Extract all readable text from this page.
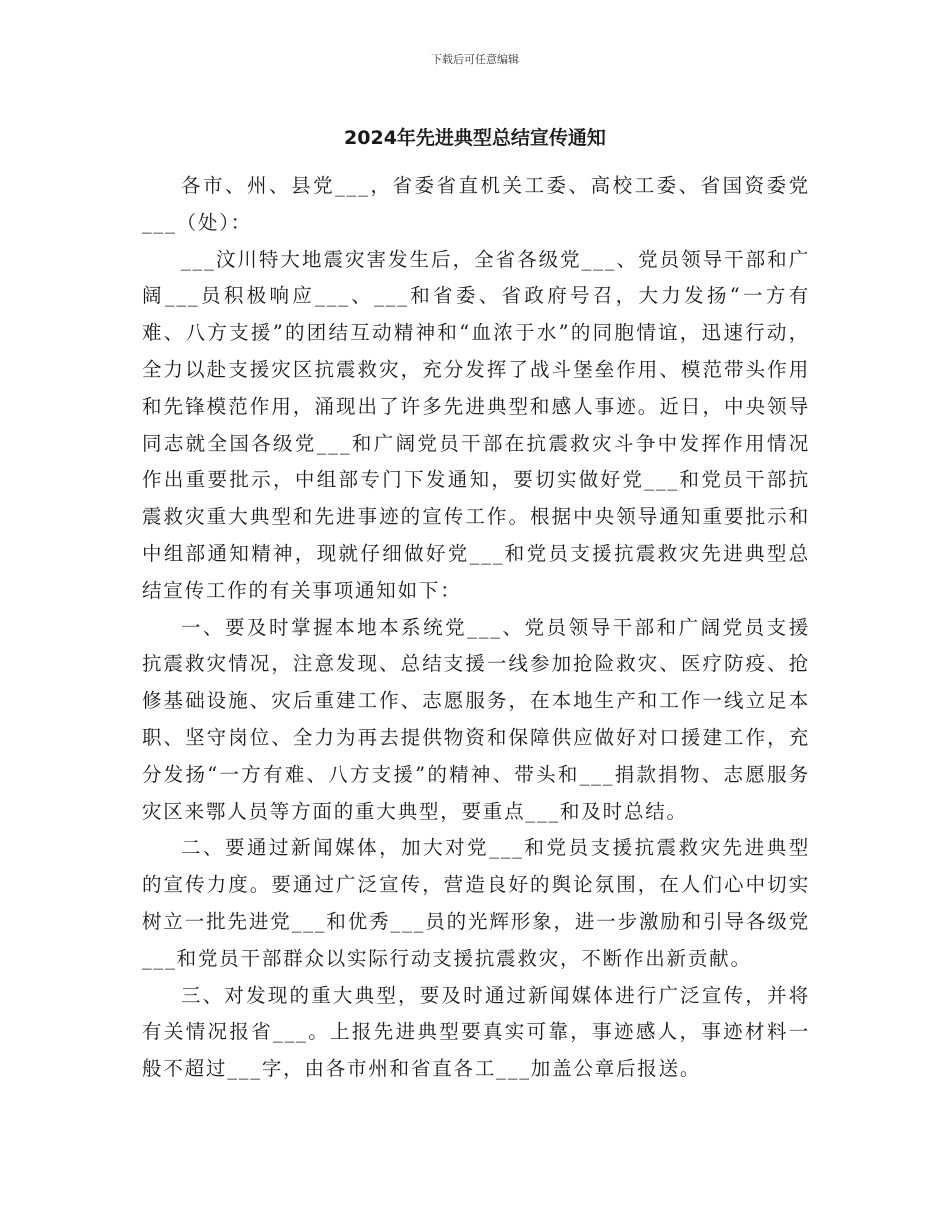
下载后可任意编辑
2024年先进典型总结宣传通知

各市、州、县党___，省委省直机关工委、高校工委、省国资委党___（处）：

___汶川特大地震灾害发生后，全省各级党___、党员领导干部和广阔___员积极响应___、___和省委、省政府号召，大力发扬“一方有难、八方支援”的团结互动精神和“血浓于水”的同胞情谊，迅速行动，全力以赴支援灾区抗震救灾，充分发挥了战斗堡垒作用、模范带头作用和先锋模范作用，涌现出了许多先进典型和感人事迹。近日，中央领导同志就全国各级党___和广阔党员干部在抗震救灾斗争中发挥作用情况作出重要批示，中组部专门下发通知，要切实做好党___和党员干部抗震救灾重大典型和先进事迹的宣传工作。根据中央领导通知重要批示和中组部通知精神，现就仔细做好党___和党员支援抗震救灾先进典型总结宣传工作的有关事项通知如下：

一、要及时掌握本地本系统党___、党员领导干部和广阔党员支援抗震救灾情况，注意发现、总结支援一线参加抢险救灾、医疗防疫、抢修基础设施、灾后重建工作、志愿服务，在本地生产和工作一线立足本职、坚守岗位、全力为再去提供物资和保障供应做好对口援建工作，充分发扬“一方有难、八方支援”的精神、带头和___捐款捐物、志愿服务灾区来鄂人员等方面的重大典型，要重点___和及时总结。

二、要通过新闻媒体，加大对党___和党员支援抗震救灾先进典型的宣传力度。要通过广泛宣传，营造良好的舆论氛围，在人们心中切实树立一批先进党___和优秀___员的光辉形象，进一步激励和引导各级党___和党员干部群众以实际行动支援抗震救灾，不断作出新贡献。

三、对发现的重大典型，要及时通过新闻媒体进行广泛宣传，并将有关情况报省___。上报先进典型要真实可靠，事迹感人，事迹材料一般不超过___字，由各市州和省直各工___加盖公章后报送。
